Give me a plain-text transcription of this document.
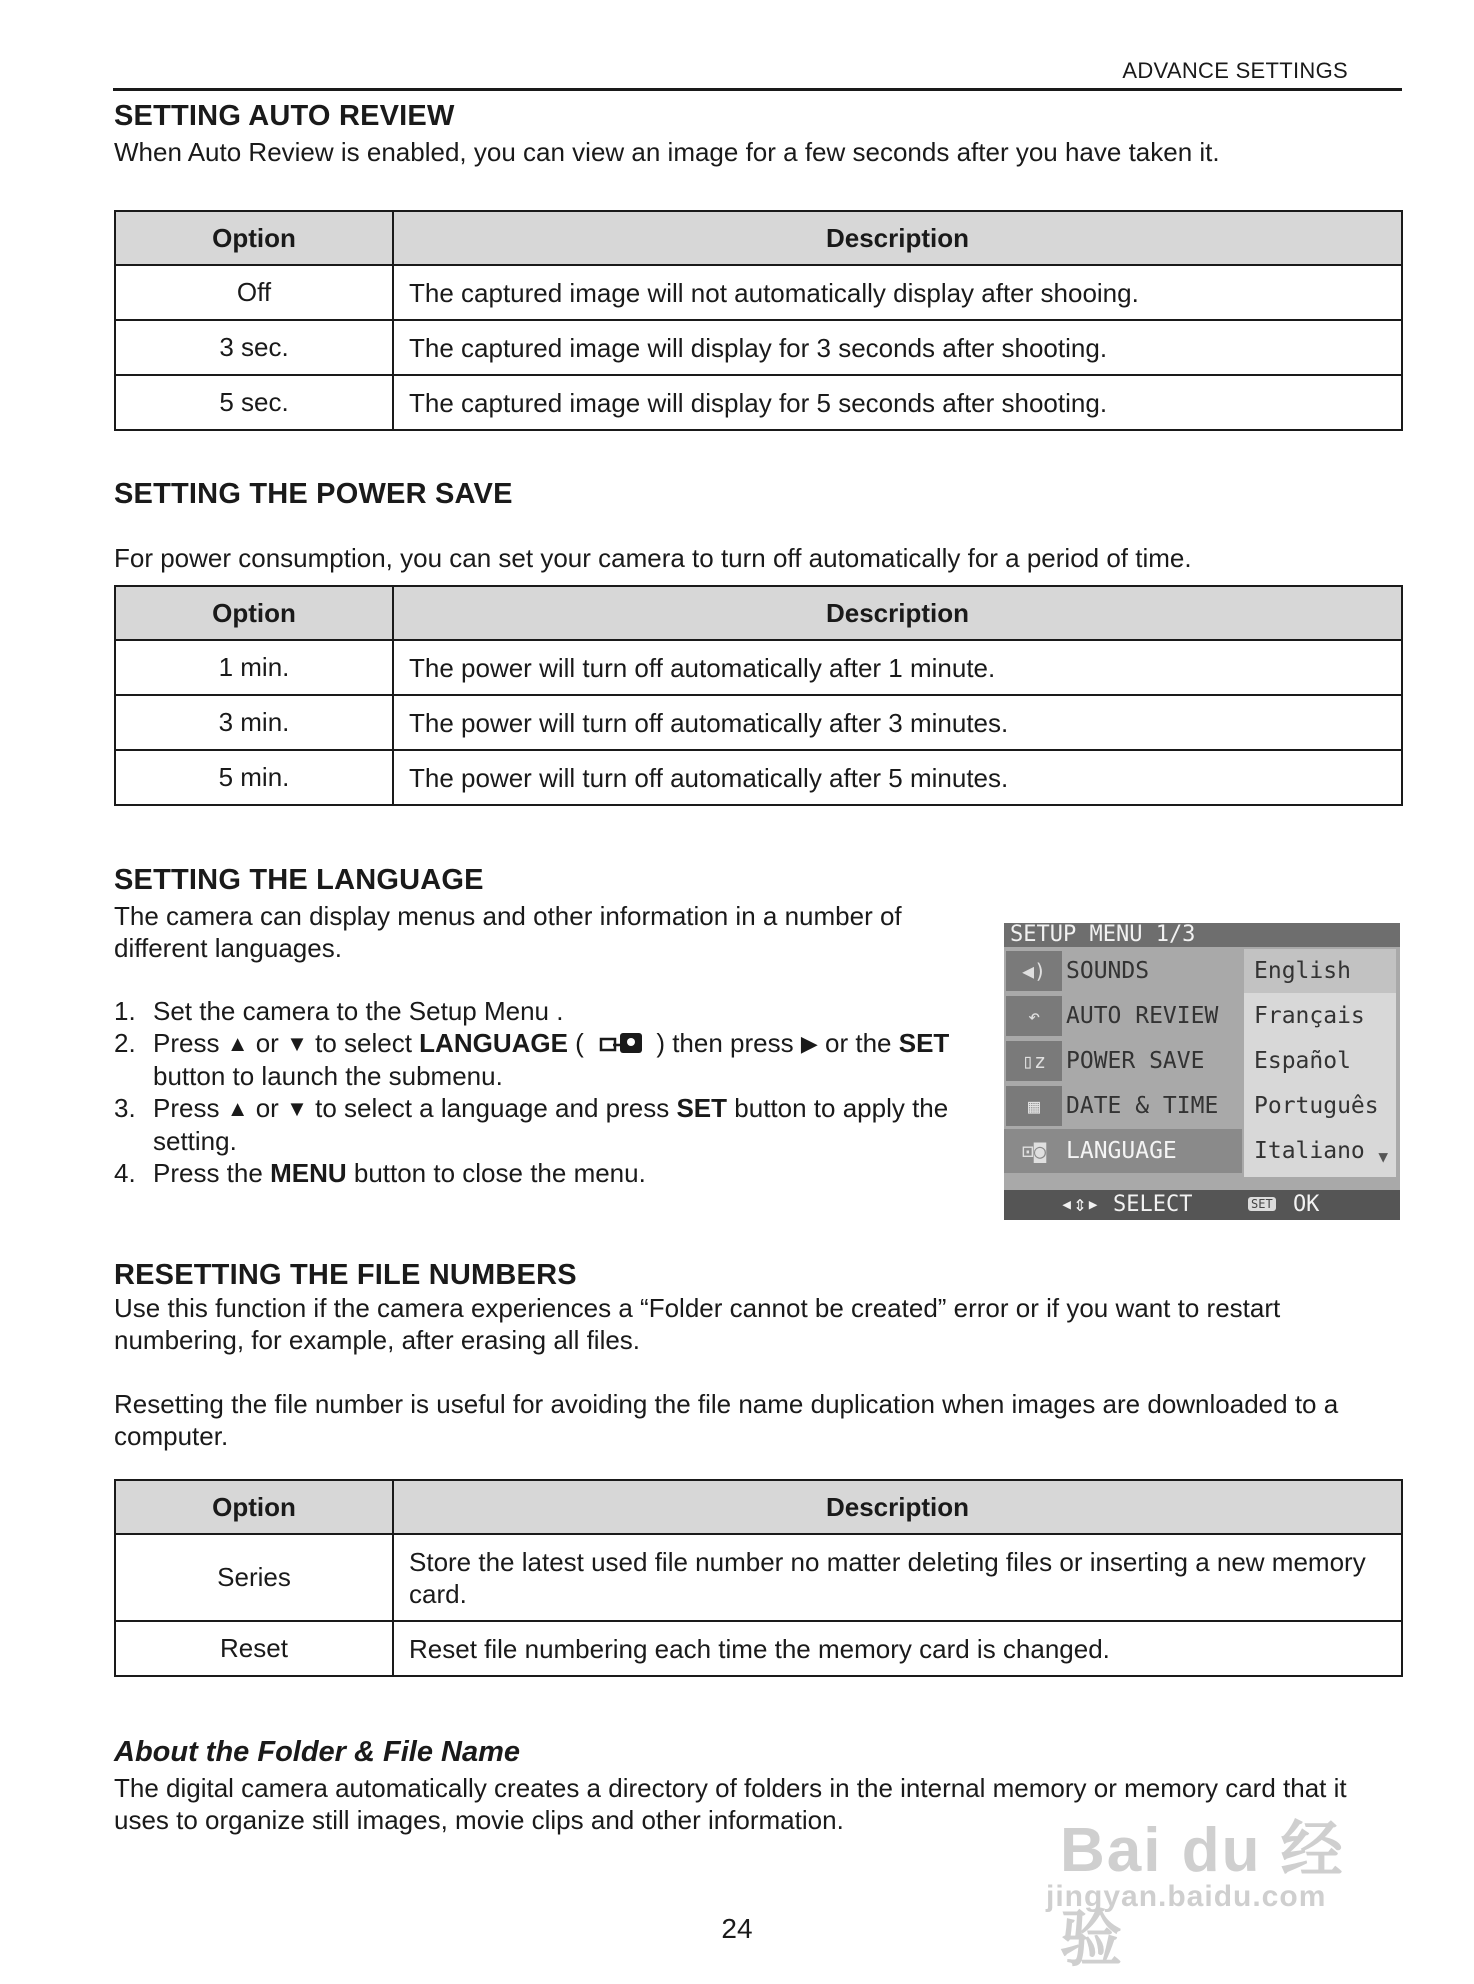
ADVANCE SETTINGS
SETTING AUTO REVIEW
When Auto Review is enabled, you can view an image for a few seconds after you have taken it.
Option	Description
Off	The captured image will not automatically display after shooing.
3 sec.	The captured image will display for 3 seconds after shooting.
5 sec.	The captured image will display for 5 seconds after shooting.
SETTING THE POWER SAVE
For power consumption, you can set your camera to turn off automatically for a period of time.
Option	Description
1 min.	The power will turn off automatically after 1 minute.
3 min.	The power will turn off automatically after 3 minutes.
5 min.	The power will turn off automatically after 5 minutes.
SETTING THE LANGUAGE
The camera can display menus and other information in a number of different languages.
1. Set the camera to the Setup Menu .
2. Press ▲ or ▼ to select LANGUAGE (	) then press ▶ or the SET button to launch the submenu.
3. Press ▲ or ▼ to select a language and press SET button to apply the setting.
4. Press the MENU button to close the menu.
SETUP MENU 1/3
◀) SOUNDS
↶	AUTO REVIEW
▯z POWER SAVE
▦	DATE & TIME
⊡◙ LANGUAGE
English
Français
Español
Português
Italiano ▼
◂⇕▸ SELECT	SET OK
RESETTING THE FILE NUMBERS
Use this function if the camera experiences a “Folder cannot be created” error or if you want to restart numbering, for example, after erasing all files.
Resetting the file number is useful for avoiding the file name duplication when images are downloaded to a computer.
Option	Description
Series	Store the latest used file number no matter deleting files or inserting a new memory card.
Reset	Reset file numbering each time the memory card is changed.
About the Folder & File Name
The digital camera automatically creates a directory of folders in the internal memory or memory card that it uses to organize still images, movie clips and other information.	Bai du 经验
jingyan.baidu.com
24
